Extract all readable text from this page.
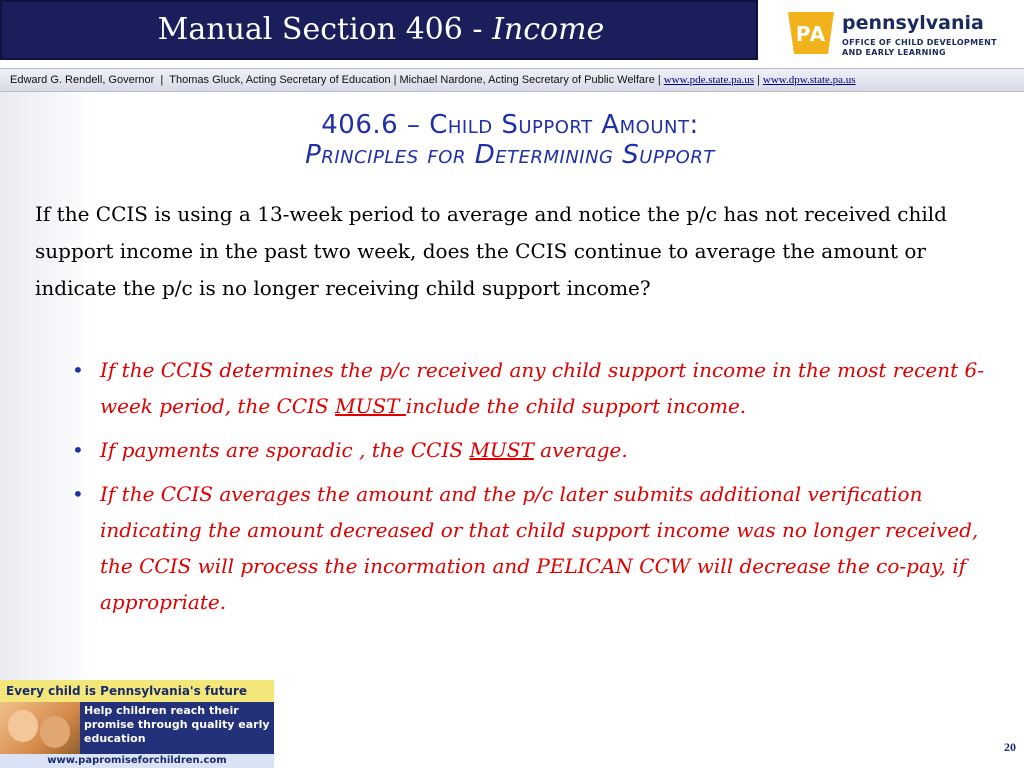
Manual Section 406 - Income	PA pennsylvania
OFFICE OF CHILD DEVELOPMENT
AND EARLY LEARNING
Edward G. Rendell, Governor | Thomas Gluck, Acting Secretary of Education | Michael Nardone, Acting Secretary of Public Welfare | www.pde.state.pa.us | www.dpw.state.pa.us
406.6 – Child Support Amount:
Principles for Determining Support
If the CCIS is using a 13-week period to average and notice the p/c has not received child support income in the past two week, does the CCIS continue to average the amount or indicate the p/c is no longer receiving child support income?
• If the CCIS determines the p/c received any child support income in the most recent 6-week period, the CCIS MUST include the child support income.
• If payments are sporadic , the CCIS MUST average.
• If the CCIS averages the amount and the p/c later submits additional verification indicating the amount decreased or that child support income was no longer received, the CCIS will process the incormation and PELICAN CCW will decrease the co-pay, if appropriate.
Every child is Pennsylvania's future
Help children reach their promise through quality early education
www.papromiseforchildren.com
20
